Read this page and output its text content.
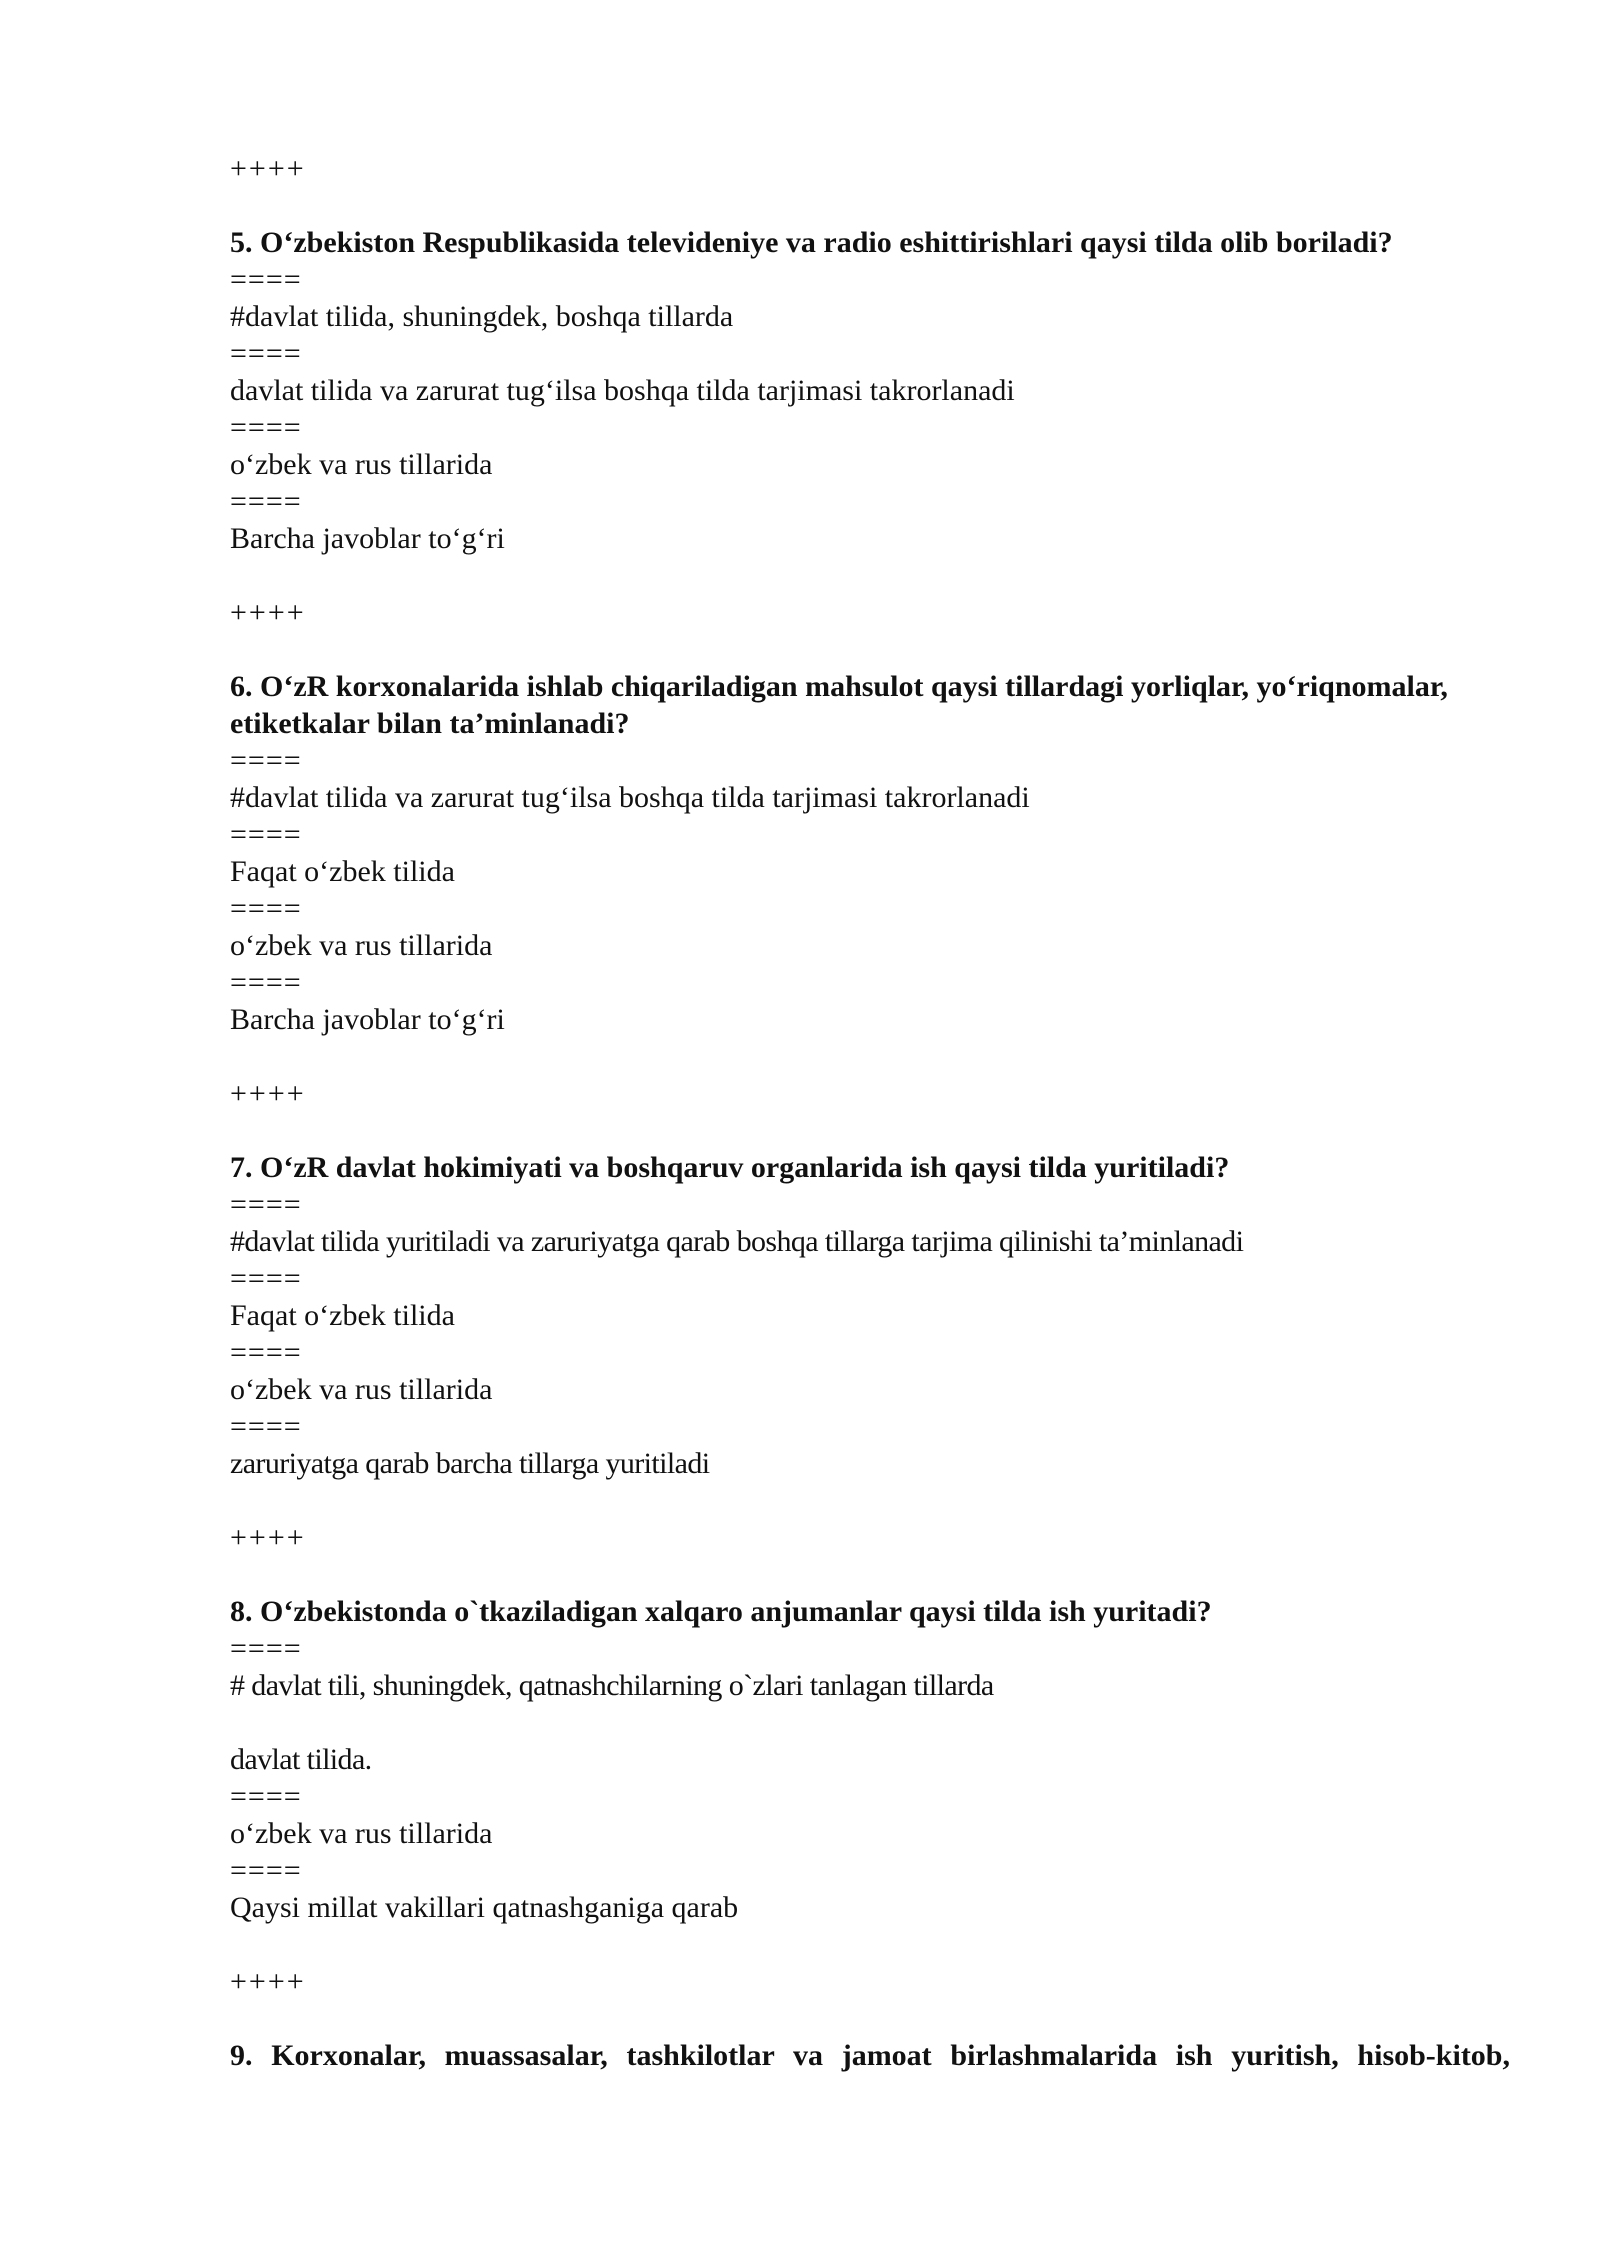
++++
5. O‘zbekiston Respublikasida televideniye va radio eshittirishlari qaysi tilda olib boriladi?
====
#davlat tilida, shuningdek, boshqa tillarda
====
davlat tilida va zarurat tug‘ilsa boshqa tilda tarjimasi takrorlanadi
====
o‘zbek va rus tillarida
====
Barcha javoblar to‘g‘ri
++++
6. O‘zR korxonalarida ishlab chiqariladigan mahsulot qaysi tillardagi yorliqlar, yo‘riqnomalar, etiketkalar bilan ta’minlanadi?
====
#davlat tilida va zarurat tug‘ilsa boshqa tilda tarjimasi takrorlanadi
====
Faqat o‘zbek tilida
====
o‘zbek va rus tillarida
====
Barcha javoblar to‘g‘ri
++++
7. O‘zR davlat hokimiyati va boshqaruv organlarida ish qaysi tilda yuritiladi?
====
#davlat tilida yuritiladi va zaruriyatga qarab boshqa tillarga tarjima qilinishi ta’minlanadi
====
Faqat o‘zbek tilida
====
o‘zbek va rus tillarida
====
zaruriyatga qarab barcha tillarga yuritiladi
++++
8. O‘zbekistonda o`tkaziladigan xalqaro anjumanlar qaysi tilda ish yuritadi?
====
# davlat tili, shuningdek, qatnashchilarning o`zlari tanlagan tillarda
davlat tilida.
====
o‘zbek va rus tillarida
====
Qaysi millat vakillari qatnashganiga qarab
++++
9. Korxonalar, muassasalar, tashkilotlar va jamoat birlashmalarida ish yuritish, hisob-kitob,
